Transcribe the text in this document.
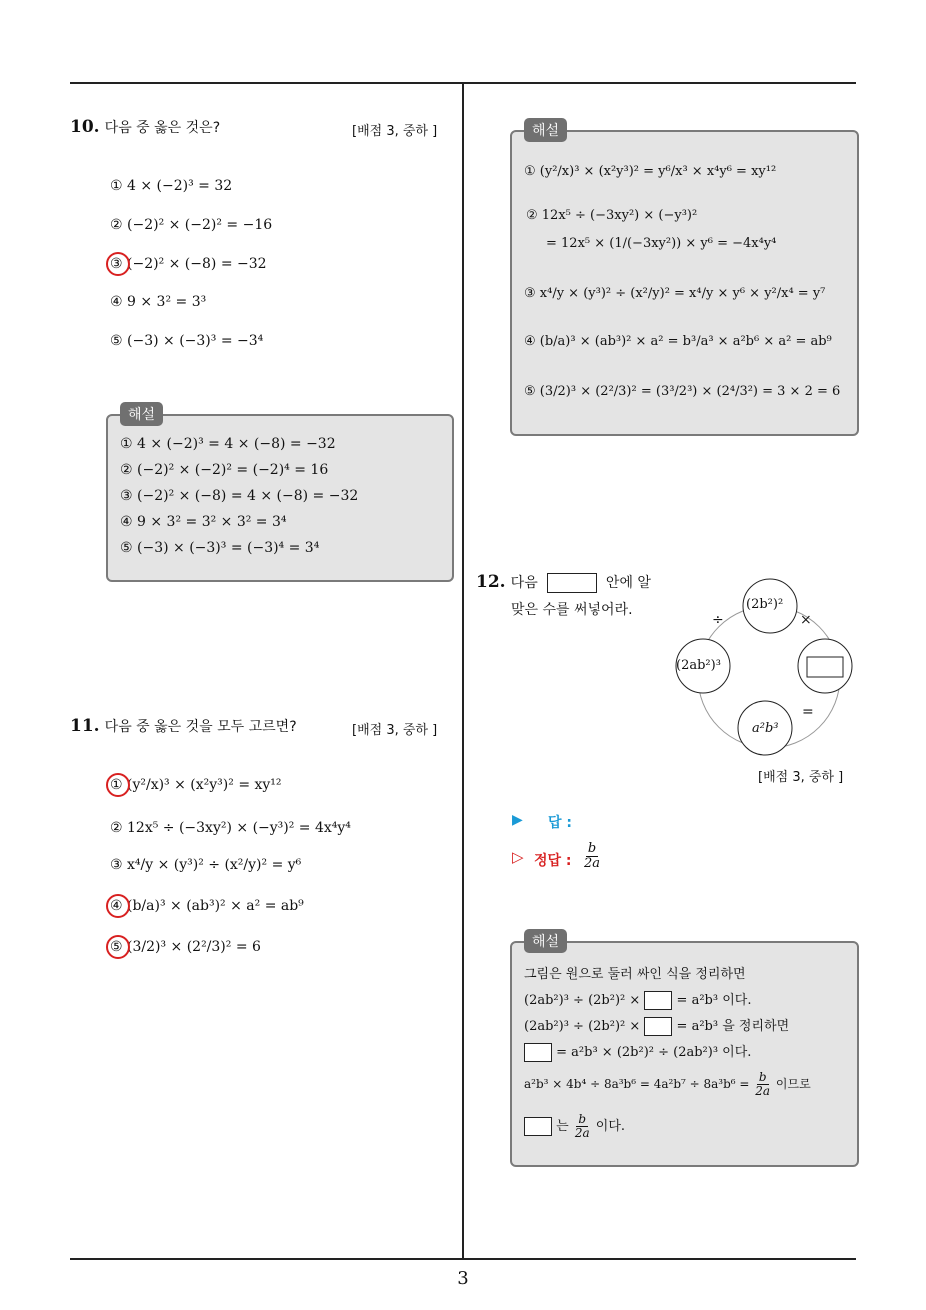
10. 다음 중 옳은 것은?	[배점 3, 중하 ]
① 4 × (−2)³ = 32
② (−2)² × (−2)² = −16
③ (−2)² × (−8) = −32
④ 9 × 3² = 3³
⑤ (−3) × (−3)³ = −3⁴
① 4 × (−2)³ = 4 × (−8) = −32
② (−2)² × (−2)² = (−2)⁴ = 16
③ (−2)² × (−8) = 4 × (−8) = −32
④ 9 × 3² = 3² × 3² = 3⁴
⑤ (−3) × (−3)³ = (−3)⁴ = 3⁴
해설
11. 다음 중 옳은 것을 모두 고르면?	[배점 3, 중하 ]
① (y²/x)³ × (x²y³)² = xy¹²
② 12x⁵ ÷ (−3xy²) × (−y³)² = 4x⁴y⁴
③ x⁴/y × (y³)² ÷ (x²/y)² = y⁶
④ (b/a)³ × (ab³)² × a² = ab⁹
⑤ (3/2)³ × (2²/3)² = 6
① (y²/x)³ × (x²y³)² = y⁶/x³ × x⁴y⁶ = xy¹²
② 12x⁵ ÷ (−3xy²) × (−y³)²
= 12x⁵ × (1/(−3xy²)) × y⁶ = −4x⁴y⁴
③ x⁴/y × (y³)² ÷ (x²/y)² = x⁴/y × y⁶ × y²/x⁴ = y⁷
④ (b/a)³ × (ab³)² × a² = b³/a³ × a²b⁶ × a² = ab⁹
⑤ (3/2)³ × (2²/3)² = (3³/2³) × (2⁴/3²) = 3 × 2 = 6
해설
12. 다음	안에 알
맞은 수를 써넣어라.	(2b²)²
(2ab²)³
a²b³
÷	×
=
[배점 3, 중하 ]
▶ 답 :
▷ 정답 : $\frac{b}{2a}$
그림은 원으로 둘러 싸인 식을 정리하면
(2ab²)³ ÷ (2b²)² ×	= a²b³ 이다.
(2ab²)³ ÷ (2b²)² ×	= a²b³ 을 정리하면
= a²b³ × (2b²)² ÷ (2ab²)³ 이다.
$a^2b^3 \times 4b^4 \div 8a^3b^6 = 4a^2b^7 \div 8a^3b^6 = \frac{b}{2a}$ 이므로
는 $\frac{b}{2a}$ 이다.
해설
3
